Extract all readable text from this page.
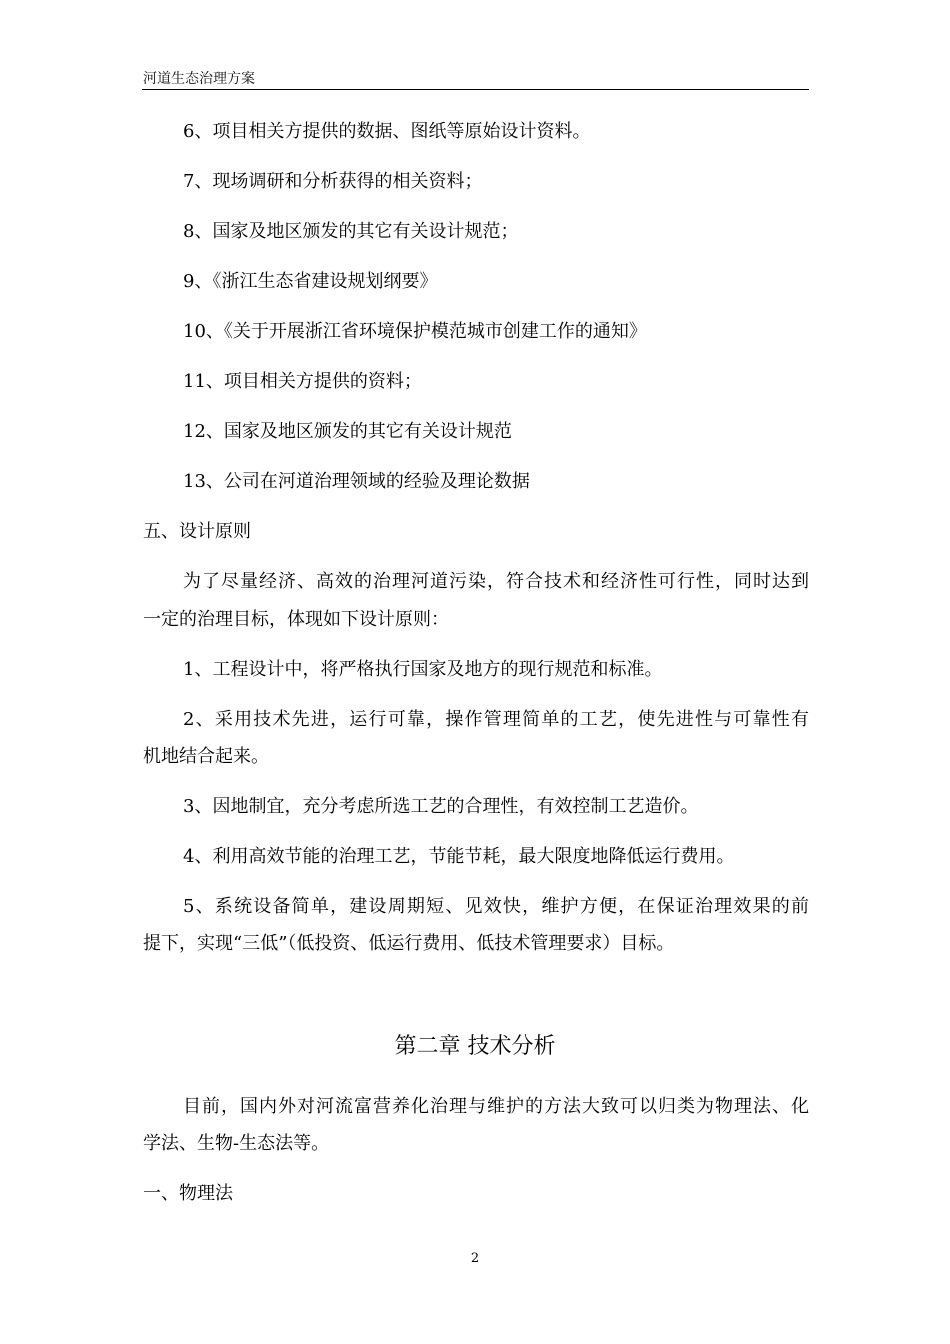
河道生态治理方案
6、项目相关方提供的数据、图纸等原始设计资料。
7、现场调研和分析获得的相关资料；
8、国家及地区颁发的其它有关设计规范；
9、《浙江生态省建设规划纲要》
10、《关于开展浙江省环境保护模范城市创建工作的通知》
11、项目相关方提供的资料；
12、国家及地区颁发的其它有关设计规范
13、公司在河道治理领域的经验及理论数据
五、设计原则
为了尽量经济、高效的治理河道污染，符合技术和经济性可行性，同时达到
一定的治理目标，体现如下设计原则：
1、工程设计中，将严格执行国家及地方的现行规范和标准。
2、采用技术先进，运行可靠，操作管理简单的工艺，使先进性与可靠性有
机地结合起来。
3、因地制宜，充分考虑所选工艺的合理性，有效控制工艺造价。
4、利用高效节能的治理工艺，节能节耗，最大限度地降低运行费用。
5、系统设备简单，建设周期短、见效快，维护方便，在保证治理效果的前
提下，实现“三低”（低投资、低运行费用、低技术管理要求）目标。
第二章 技术分析
目前，国内外对河流富营养化治理与维护的方法大致可以归类为物理法、化
学法、生物-生态法等。
一、物理法
2
